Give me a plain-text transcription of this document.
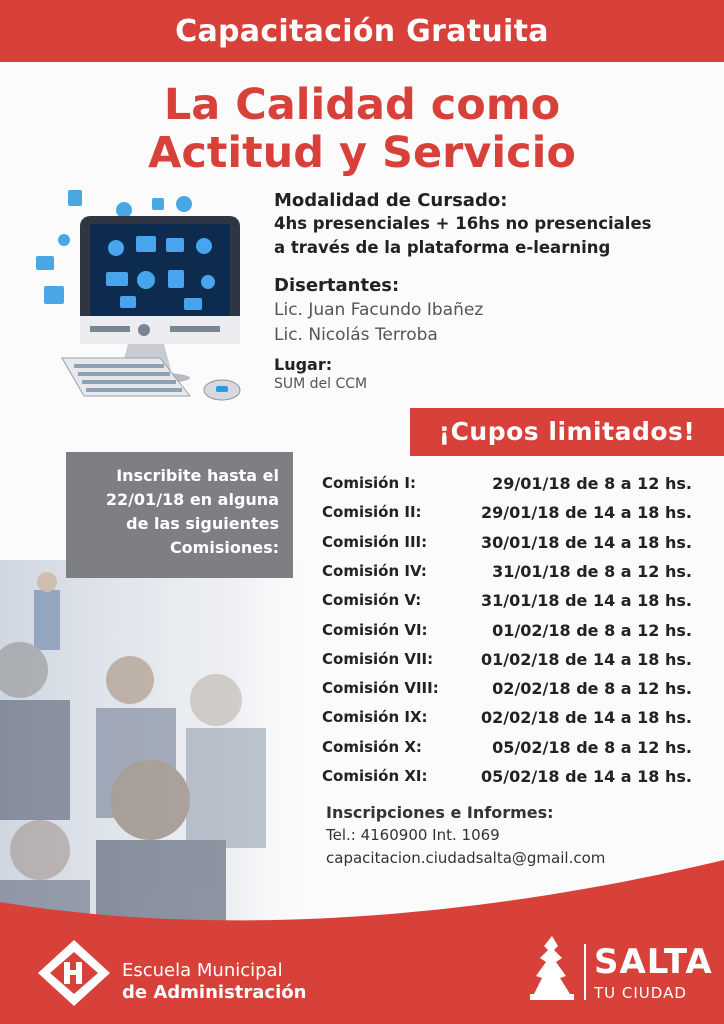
Capacitación Gratuita
La Calidad como
Actitud y Servicio
Modalidad de Cursado:
4hs presenciales + 16hs no presenciales
a través de la plataforma e-learning
Disertantes:
Lic. Juan Facundo Ibañez
Lic. Nicolás Terroba
Lugar:
SUM del CCM
¡Cupos limitados!
Inscribite hasta el
22/01/18 en alguna
de las siguientes
Comisiones:
Comisión I:	29/01/18 de 8 a 12 hs.
Comisión II:	29/01/18 de 14 a 18 hs.
Comisión III:	30/01/18 de 14 a 18 hs.
Comisión IV:	31/01/18 de 8 a 12 hs.
Comisión V:	31/01/18 de 14 a 18 hs.
Comisión VI:	01/02/18 de 8 a 12 hs.
Comisión VII:	01/02/18 de 14 a 18 hs.
Comisión VIII:	02/02/18 de 8 a 12 hs.
Comisión IX:	02/02/18 de 14 a 18 hs.
Comisión X:	05/02/18 de 8 a 12 hs.
Comisión XI:	05/02/18 de 14 a 18 hs.
Inscripciones e Informes:
Tel.: 4160900 Int. 1069
capacitacion.ciudadsalta@gmail.com
Escuela Municipal
de Administración
SALTA
TU CIUDAD
